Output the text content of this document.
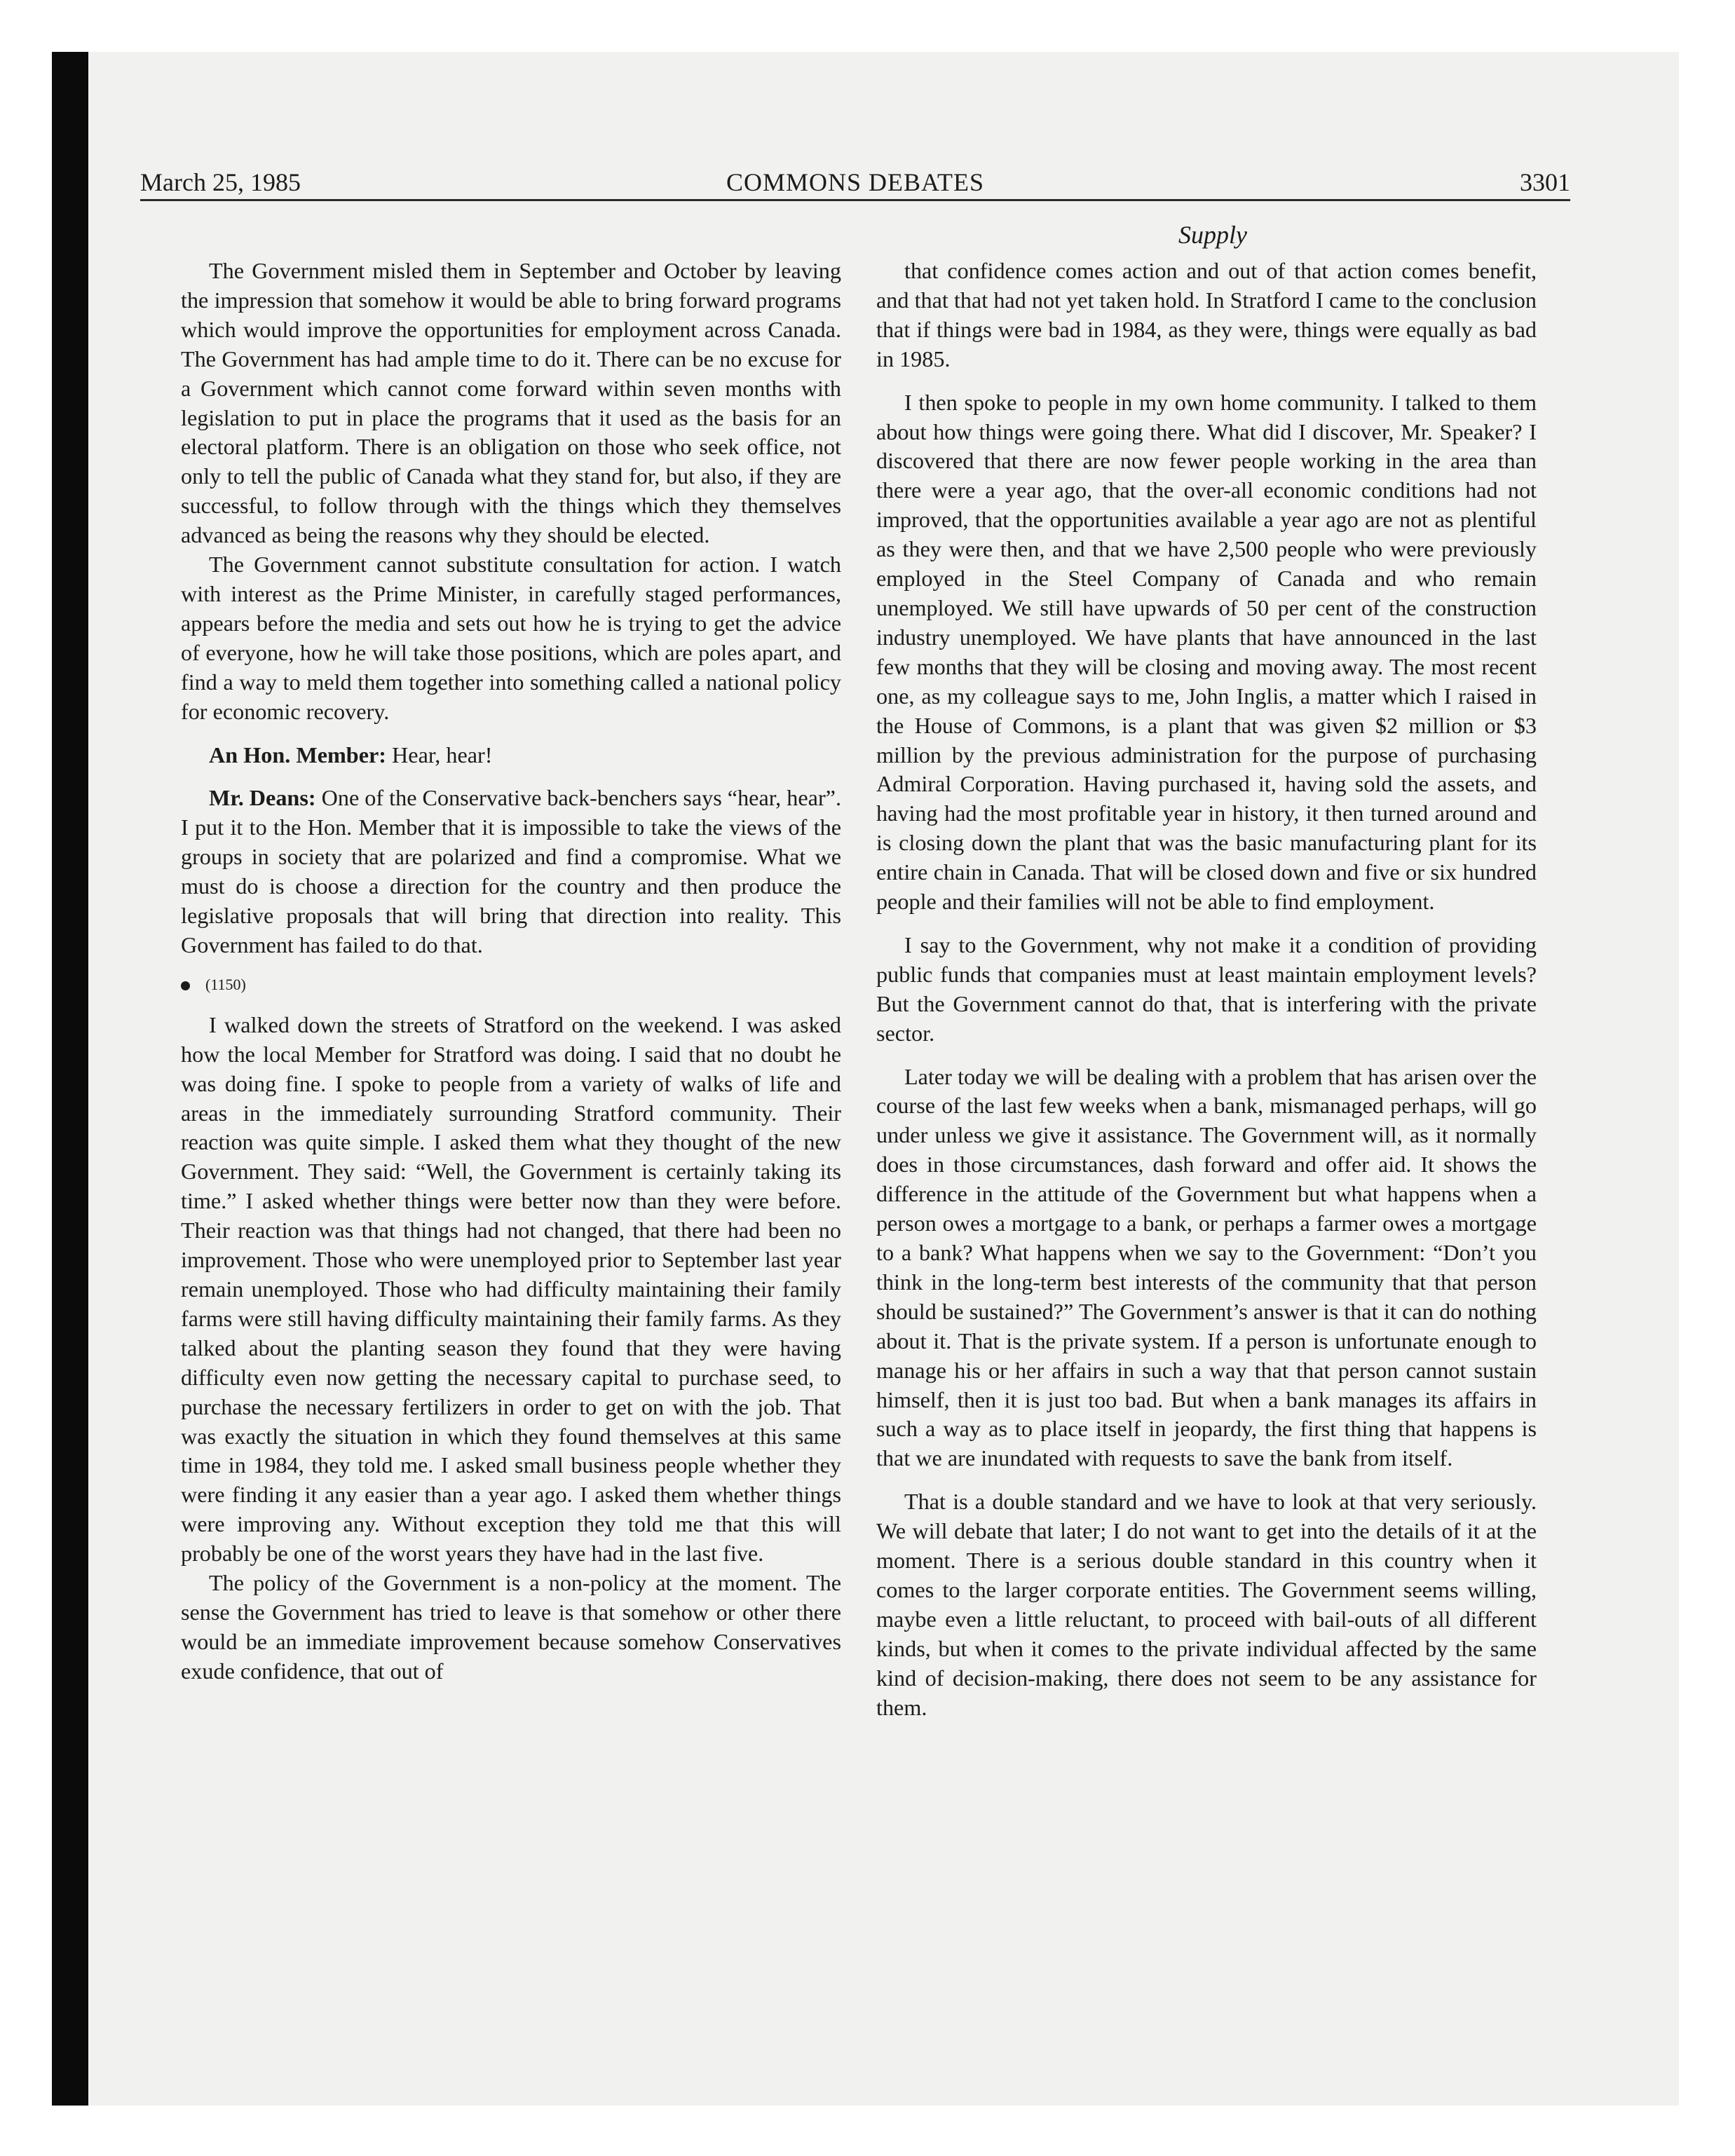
March 25, 1985	COMMONS DEBATES	3301
Supply

The Government misled them in September and October by leaving the impression that somehow it would be able to bring forward programs which would improve the opportunities for employment across Canada. The Government has had ample time to do it. There can be no excuse for a Government which cannot come forward within seven months with legislation to put in place the programs that it used as the basis for an electoral platform. There is an obligation on those who seek office, not only to tell the public of Canada what they stand for, but also, if they are successful, to follow through with the things which they themselves advanced as being the reasons why they should be elected.

The Government cannot substitute consultation for action. I watch with interest as the Prime Minister, in carefully staged performances, appears before the media and sets out how he is trying to get the advice of everyone, how he will take those positions, which are poles apart, and find a way to meld them together into something called a national policy for economic recovery.

An Hon. Member: Hear, hear!

Mr. Deans: One of the Conservative back-benchers says “hear, hear”. I put it to the Hon. Member that it is impossible to take the views of the groups in society that are polarized and find a compromise. What we must do is choose a direction for the country and then produce the legislative proposals that will bring that direction into reality. This Government has failed to do that.

(1150)

I walked down the streets of Stratford on the weekend. I was asked how the local Member for Stratford was doing. I said that no doubt he was doing fine. I spoke to people from a variety of walks of life and areas in the immediately surrounding Stratford community. Their reaction was quite simple. I asked them what they thought of the new Government. They said: “Well, the Government is certainly taking its time.” I asked whether things were better now than they were before. Their reaction was that things had not changed, that there had been no improvement. Those who were unemployed prior to September last year remain unemployed. Those who had difficulty maintaining their family farms were still having difficulty maintaining their family farms. As they talked about the planting season they found that they were having difficulty even now getting the necessary capital to purchase seed, to purchase the necessary fertilizers in order to get on with the job. That was exactly the situation in which they found themselves at this same time in 1984, they told me. I asked small business people whether they were finding it any easier than a year ago. I asked them whether things were improving any. Without exception they told me that this will probably be one of the worst years they have had in the last five.

The policy of the Government is a non-policy at the moment. The sense the Government has tried to leave is that somehow or other there would be an immediate improvement because somehow Conservatives exude confidence, that out of

that confidence comes action and out of that action comes benefit, and that that had not yet taken hold. In Stratford I came to the conclusion that if things were bad in 1984, as they were, things were equally as bad in 1985.

I then spoke to people in my own home community. I talked to them about how things were going there. What did I discover, Mr. Speaker? I discovered that there are now fewer people working in the area than there were a year ago, that the over-all economic conditions had not improved, that the opportunities available a year ago are not as plentiful as they were then, and that we have 2,500 people who were previously employed in the Steel Company of Canada and who remain unemployed. We still have upwards of 50 per cent of the construction industry unemployed. We have plants that have announced in the last few months that they will be closing and moving away. The most recent one, as my colleague says to me, John Inglis, a matter which I raised in the House of Commons, is a plant that was given $2 million or $3 million by the previous administration for the purpose of purchasing Admiral Corporation. Having purchased it, having sold the assets, and having had the most profitable year in history, it then turned around and is closing down the plant that was the basic manufacturing plant for its entire chain in Canada. That will be closed down and five or six hundred people and their families will not be able to find employment.

I say to the Government, why not make it a condition of providing public funds that companies must at least maintain employment levels? But the Government cannot do that, that is interfering with the private sector.

Later today we will be dealing with a problem that has arisen over the course of the last few weeks when a bank, mismanaged perhaps, will go under unless we give it assistance. The Government will, as it normally does in those circumstances, dash forward and offer aid. It shows the difference in the attitude of the Government but what happens when a person owes a mortgage to a bank, or perhaps a farmer owes a mortgage to a bank? What happens when we say to the Government: “Don’t you think in the long-term best interests of the community that that person should be sustained?” The Government’s answer is that it can do nothing about it. That is the private system. If a person is unfortunate enough to manage his or her affairs in such a way that that person cannot sustain himself, then it is just too bad. But when a bank manages its affairs in such a way as to place itself in jeopardy, the first thing that happens is that we are inundated with requests to save the bank from itself.

That is a double standard and we have to look at that very seriously. We will debate that later; I do not want to get into the details of it at the moment. There is a serious double standard in this country when it comes to the larger corporate entities. The Government seems willing, maybe even a little reluctant, to proceed with bail-outs of all different kinds, but when it comes to the private individual affected by the same kind of decision-making, there does not seem to be any assistance for them.
